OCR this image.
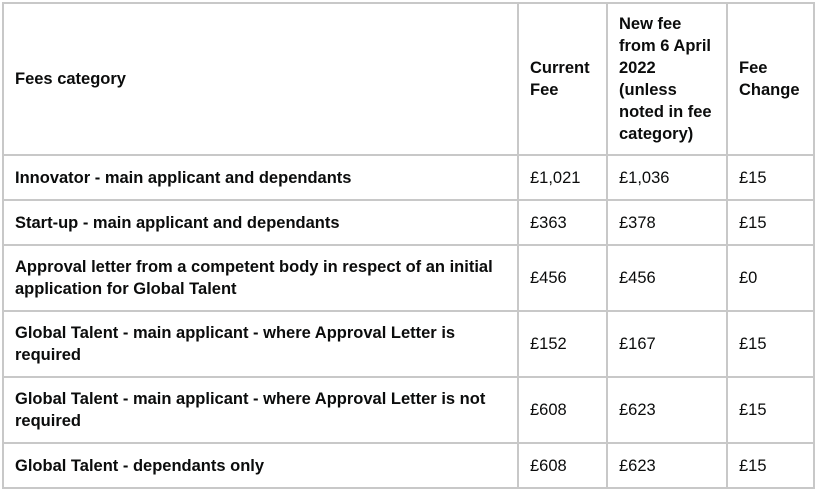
Fees category	Current Fee	New fee from 6 April 2022 (unless noted in fee category)	Fee Change
Innovator - main applicant and dependants	£1,021	£1,036	£15
Start-up - main applicant and dependants	£363	£378	£15
Approval letter from a competent body in respect of an initial application for Global Talent	£456	£456	£0
Global Talent - main applicant - where Approval Letter is required	£152	£167	£15
Global Talent - main applicant - where Approval Letter is not required	£608	£623	£15
Global Talent - dependants only	£608	£623	£15
